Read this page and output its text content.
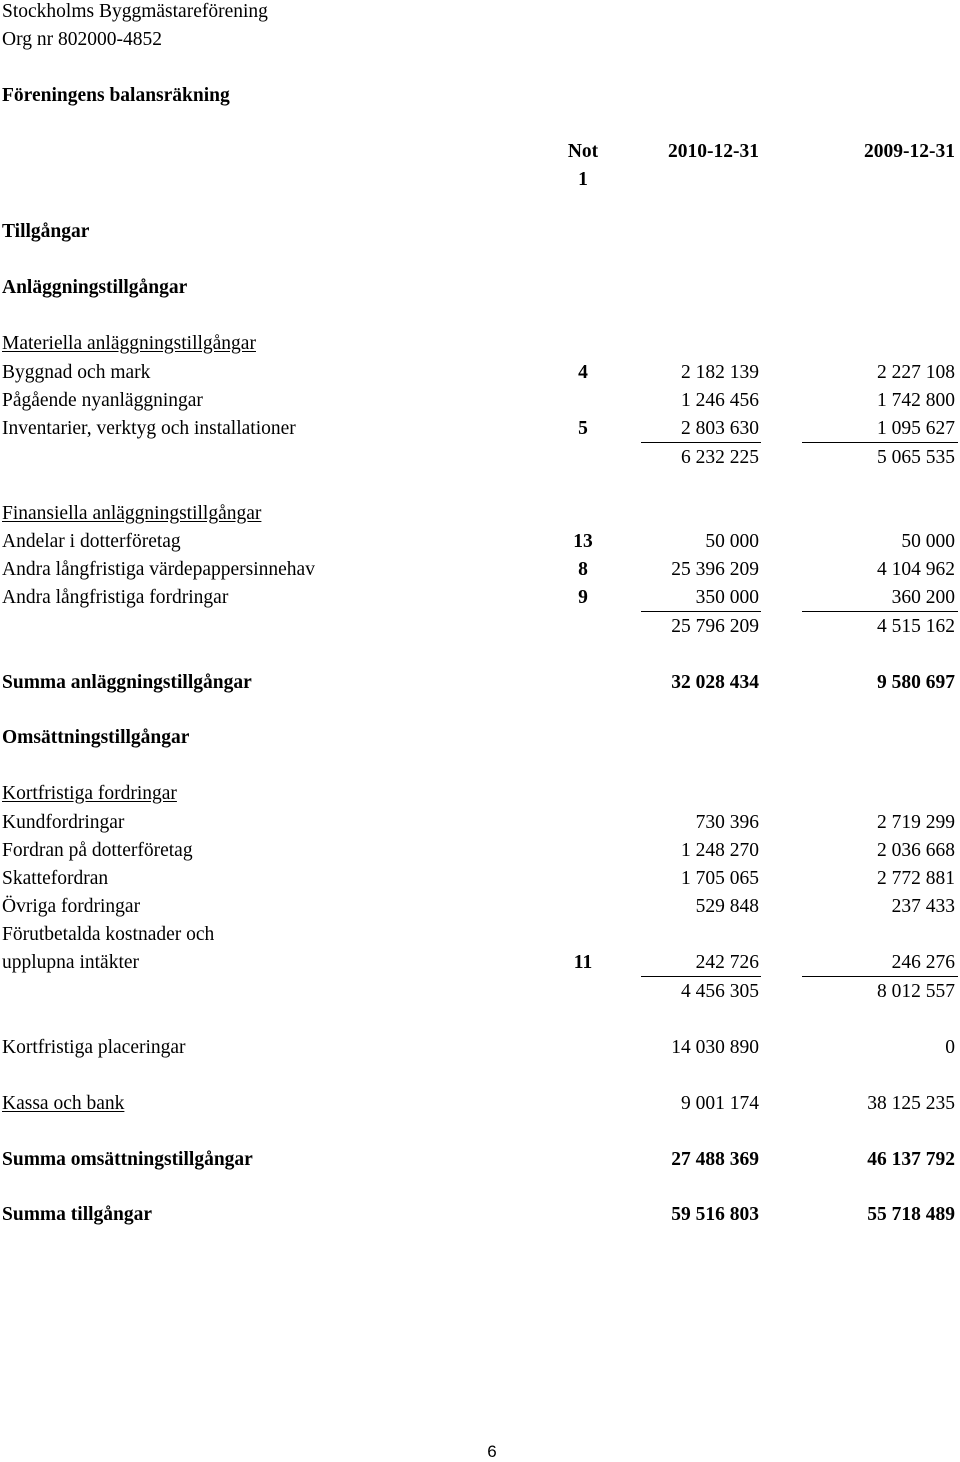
Stockholms Byggmästareförening
Org nr 802000-4852
Föreningens balansräkning
Not
1
2010-12-31	2009-12-31
Tillgångar
Anläggningstillgångar
Materiella anläggningstillgångar
Byggnad och mark	4	2 182 139	2 227 108
Pågående nyanläggningar	1 246 456	1 742 800
Inventarier, verktyg och installationer	5	2 803 630	1 095 627
6 232 225	5 065 535
Finansiella anläggningstillgångar
Andelar i dotterföretag	13	50 000	50 000
Andra långfristiga värdepappersinnehav	8	25 396 209	4 104 962
Andra långfristiga fordringar	9	350 000	360 200
25 796 209	4 515 162
Summa anläggningstillgångar	32 028 434	9 580 697
Omsättningstillgångar
Kortfristiga fordringar
Kundfordringar	730 396	2 719 299
Fordran på dotterföretag	1 248 270	2 036 668
Skattefordran	1 705 065	2 772 881
Övriga fordringar	529 848	237 433
Förutbetalda kostnader och
upplupna intäkter	11	242 726	246 276
4 456 305	8 012 557
Kortfristiga placeringar	14 030 890	0
Kassa och bank	9 001 174	38 125 235
Summa omsättningstillgångar	27 488 369	46 137 792
Summa tillgångar	59 516 803	55 718 489
6
